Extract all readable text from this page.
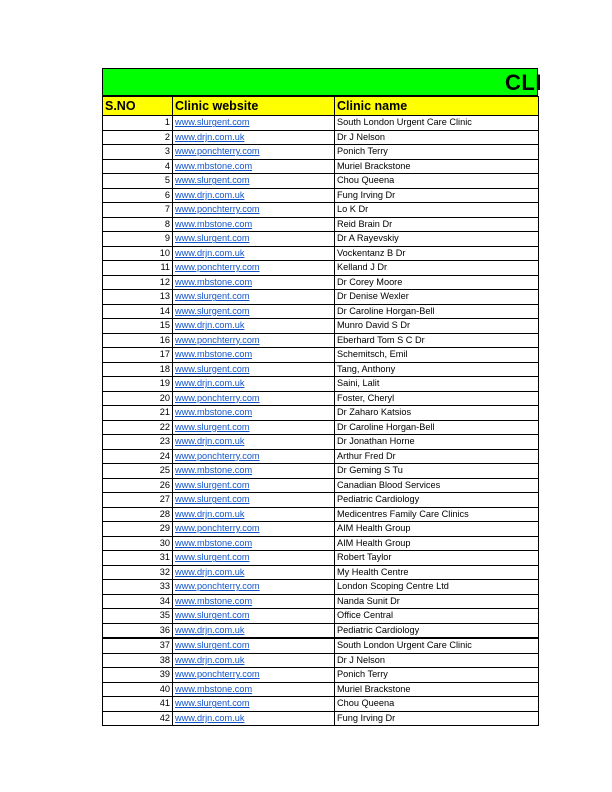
CLI
S.NO	Clinic website	Clinic name
1	www.slurgent.com	South London Urgent Care Clinic
2	www.drjn.com.uk	Dr J Nelson
3	www.ponchterry.com	Ponich Terry
4	www.mbstone.com	Muriel Brackstone
5	www.slurgent.com	Chou Queena
6	www.drjn.com.uk	Fung Irving Dr
7	www.ponchterry.com	Lo K Dr
8	www.mbstone.com	Reid Brain Dr
9	www.slurgent.com	Dr A Rayevskiy
10	www.drjn.com.uk	Vockentanz B Dr
11	www.ponchterry.com	Kelland J Dr
12	www.mbstone.com	Dr Corey Moore
13	www.slurgent.com	Dr Denise Wexler
14	www.slurgent.com	Dr Caroline Horgan-Bell
15	www.drjn.com.uk	Munro David S Dr
16	www.ponchterry.com	Eberhard Tom S C Dr
17	www.mbstone.com	Schemitsch, Emil
18	www.slurgent.com	Tang, Anthony
19	www.drjn.com.uk	Saini, Lalit
20	www.ponchterry.com	Foster, Cheryl
21	www.mbstone.com	Dr Zaharo Katsios
22	www.slurgent.com	Dr Caroline Horgan-Bell
23	www.drjn.com.uk	Dr Jonathan Horne
24	www.ponchterry.com	Arthur Fred Dr
25	www.mbstone.com	Dr Geming S Tu
26	www.slurgent.com	Canadian Blood Services
27	www.slurgent.com	Pediatric Cardiology
28	www.drjn.com.uk	Medicentres Family Care Clinics
29	www.ponchterry.com	AIM Health Group
30	www.mbstone.com	AIM Health Group
31	www.slurgent.com	Robert Taylor
32	www.drjn.com.uk	My Health Centre
33	www.ponchterry.com	London Scoping Centre Ltd
34	www.mbstone.com	Nanda Sunit Dr
35	www.slurgent.com	Office Central
36	www.drjn.com.uk	Pediatric Cardiology
37	www.slurgent.com	South London Urgent Care Clinic
38	www.drjn.com.uk	Dr J Nelson
39	www.ponchterry.com	Ponich Terry
40	www.mbstone.com	Muriel Brackstone
41	www.slurgent.com	Chou Queena
42	www.drjn.com.uk	Fung Irving Dr
